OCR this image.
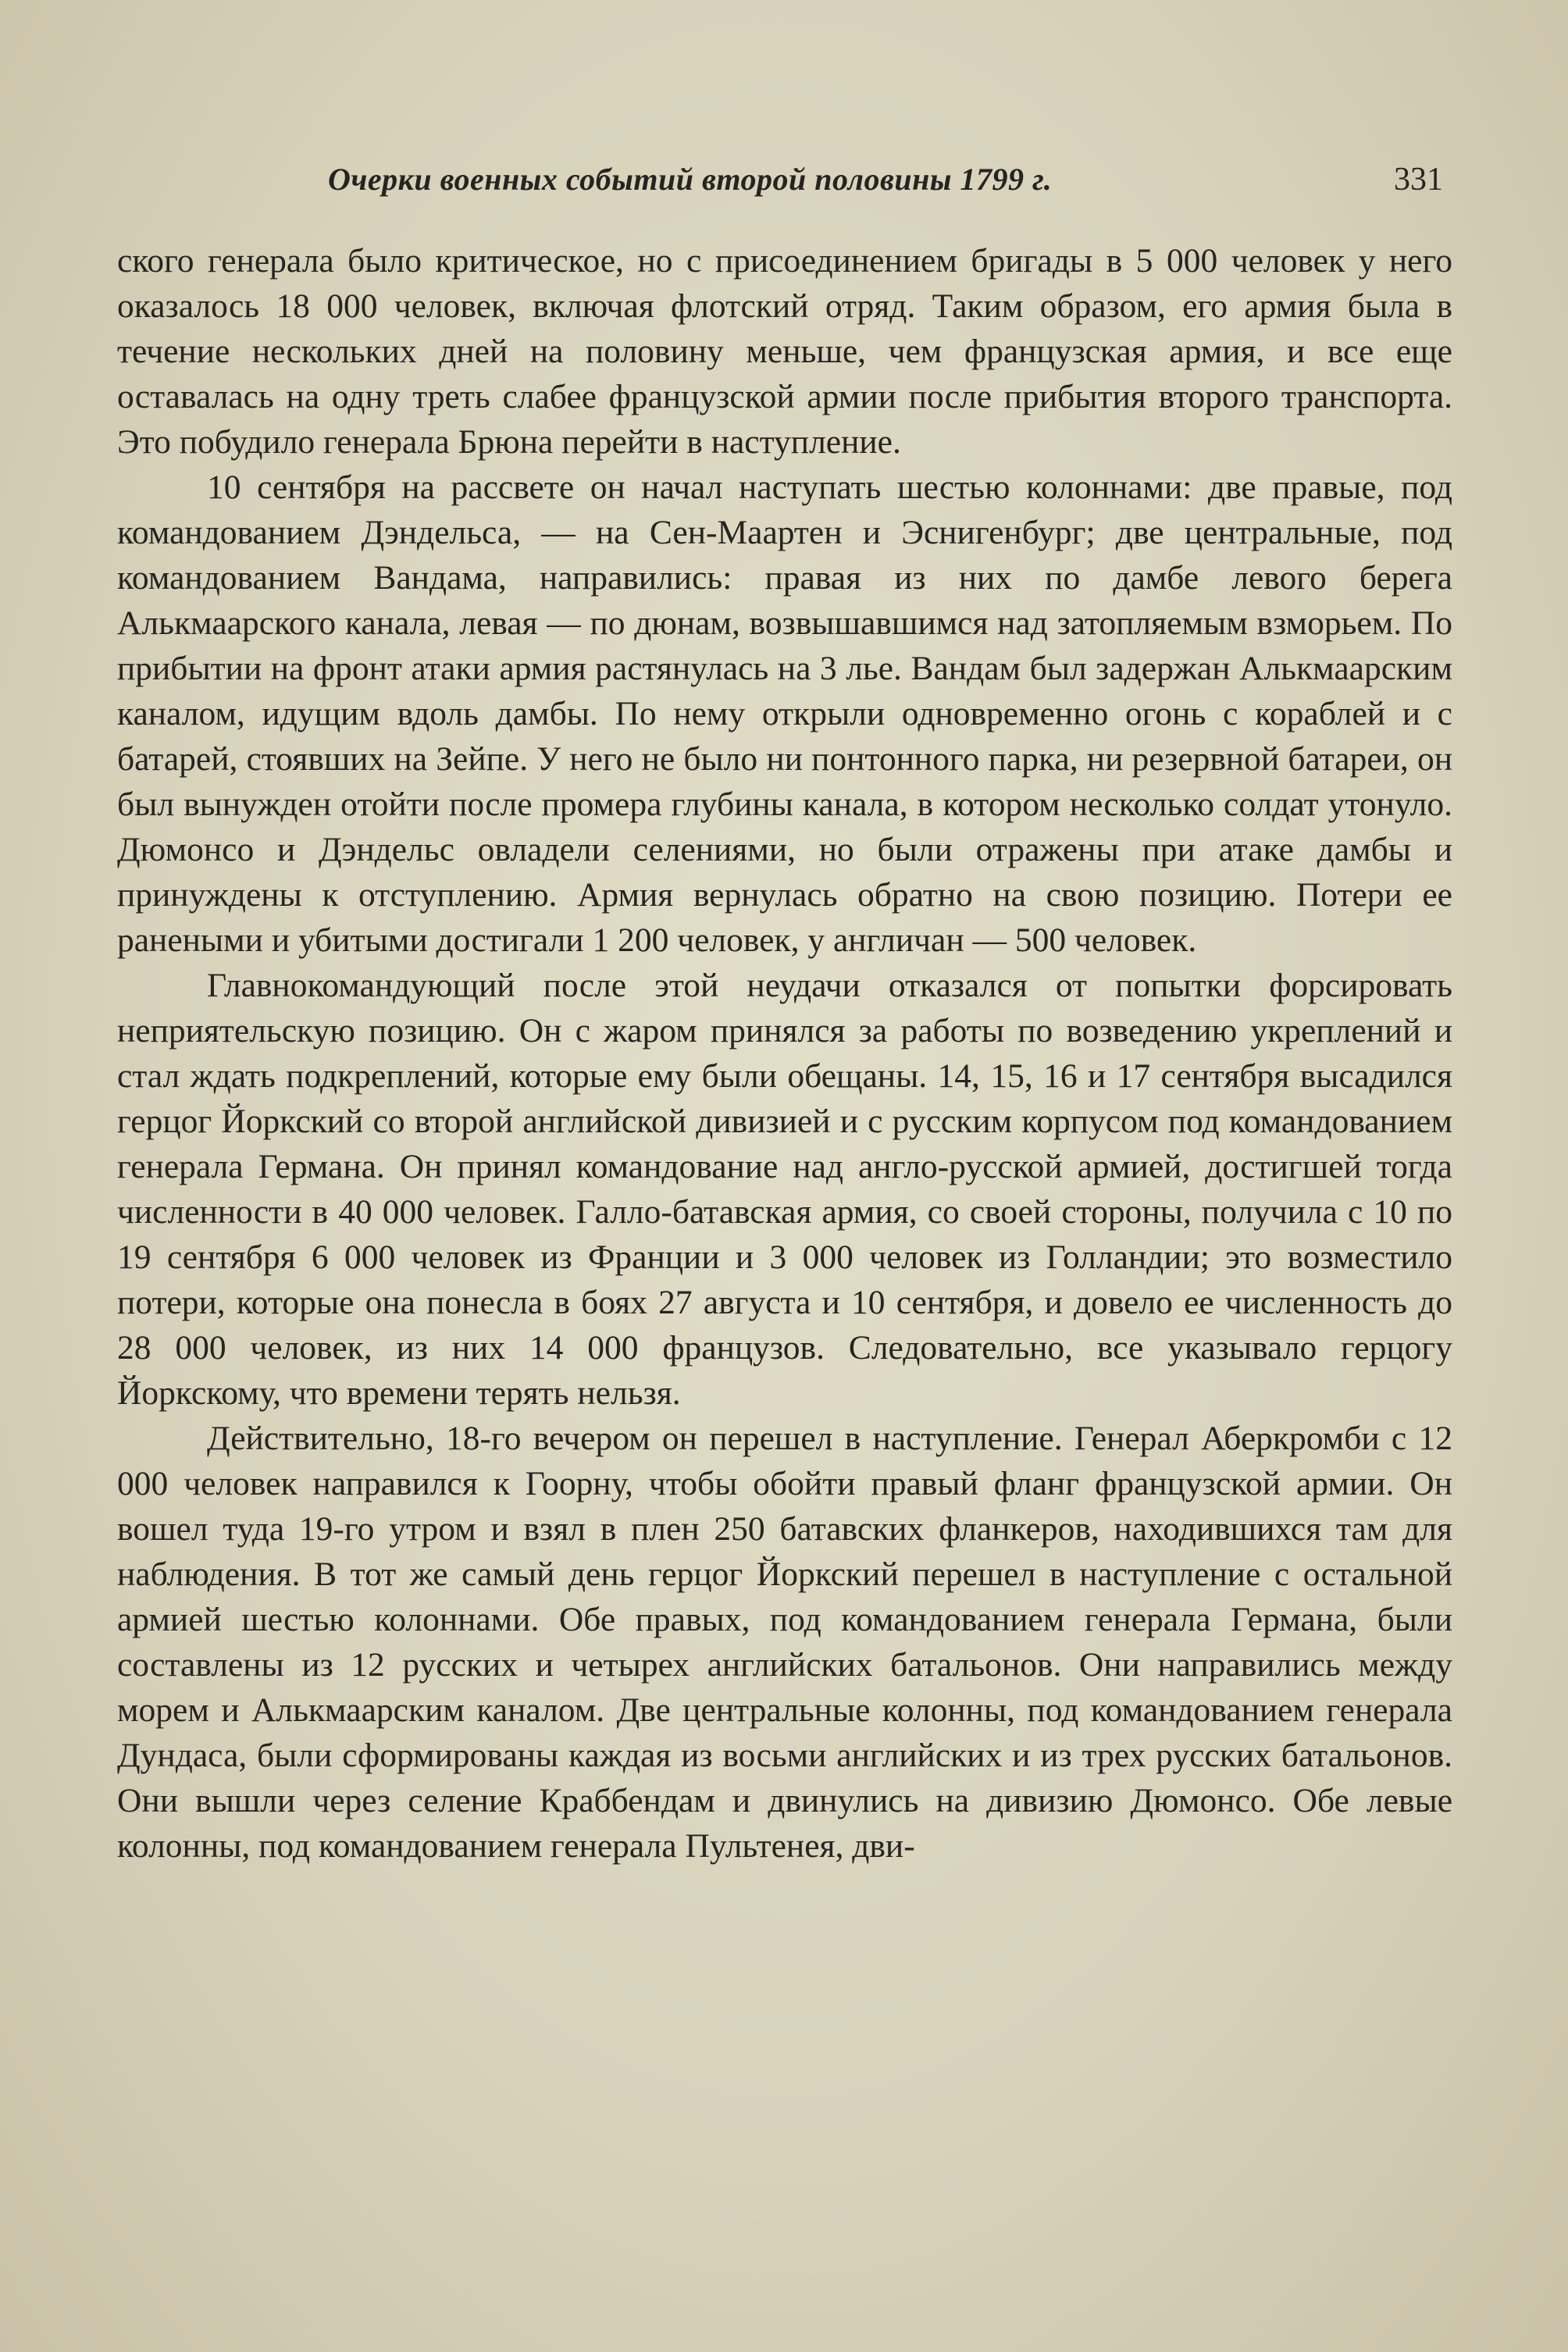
Очерки военных событий второй половины 1799 г.	331

ского генерала было критическое, но с присоединением бригады в 5 000 человек у него оказалось 18 000 человек, включая флотский отряд. Таким образом, его армия была в течение нескольких дней на половину меньше, чем французская армия, и все еще оставалась на одну треть слабее французской армии после прибытия второго транспорта. Это побудило генерала Брюна перейти в наступление.

10 сентября на рассвете он начал наступать шестью колоннами: две правые, под командованием Дэндельса, — на Сен-Маартен и Эснигенбург; две центральные, под командованием Вандама, направились: правая из них по дамбе левого берега Алькмаарского канала, левая — по дюнам, возвышавшимся над затопляемым взморьем. По прибытии на фронт атаки армия растянулась на 3 лье. Вандам был задержан Алькмаарским каналом, идущим вдоль дамбы. По нему открыли одновременно огонь с кораблей и с батарей, стоявших на Зейпе. У него не было ни понтонного парка, ни резервной батареи, он был вынужден отойти после промера глубины канала, в котором несколько солдат утонуло. Дюмонсо и Дэндельс овладели селениями, но были отражены при атаке дамбы и принуждены к отступлению. Армия вернулась обратно на свою позицию. Потери ее ранеными и убитыми достигали 1 200 человек, у англичан — 500 человек.

Главнокомандующий после этой неудачи отказался от попытки форсировать неприятельскую позицию. Он с жаром принялся за работы по возведению укреплений и стал ждать подкреплений, которые ему были обещаны. 14, 15, 16 и 17 сентября высадился герцог Йоркский со второй английской дивизией и с русским корпусом под командованием генерала Германа. Он принял командование над англо-русской армией, достигшей тогда численности в 40 000 человек. Галло-батавская армия, со своей стороны, получила с 10 по 19 сентября 6 000 человек из Франции и 3 000 человек из Голландии; это возместило потери, которые она понесла в боях 27 августа и 10 сентября, и довело ее численность до 28 000 человек, из них 14 000 французов. Следовательно, все указывало герцогу Йоркскому, что времени терять нельзя.

Действительно, 18-го вечером он перешел в наступление. Генерал Аберкромби с 12 000 человек направился к Гоорну, чтобы обойти правый фланг французской армии. Он вошел туда 19-го утром и взял в плен 250 батавских фланкеров, находившихся там для наблюдения. В тот же самый день герцог Йоркский перешел в наступление с остальной армией шестью колоннами. Обе правых, под командованием генерала Германа, были составлены из 12 русских и четырех английских батальонов. Они направились между морем и Алькмаарским каналом. Две центральные колонны, под командованием генерала Дундаса, были сформированы каждая из восьми английских и из трех русских батальонов. Они вышли через селение Краббендам и двинулись на дивизию Дюмонсо. Обе левые колонны, под командованием генерала Пультенея, дви-
